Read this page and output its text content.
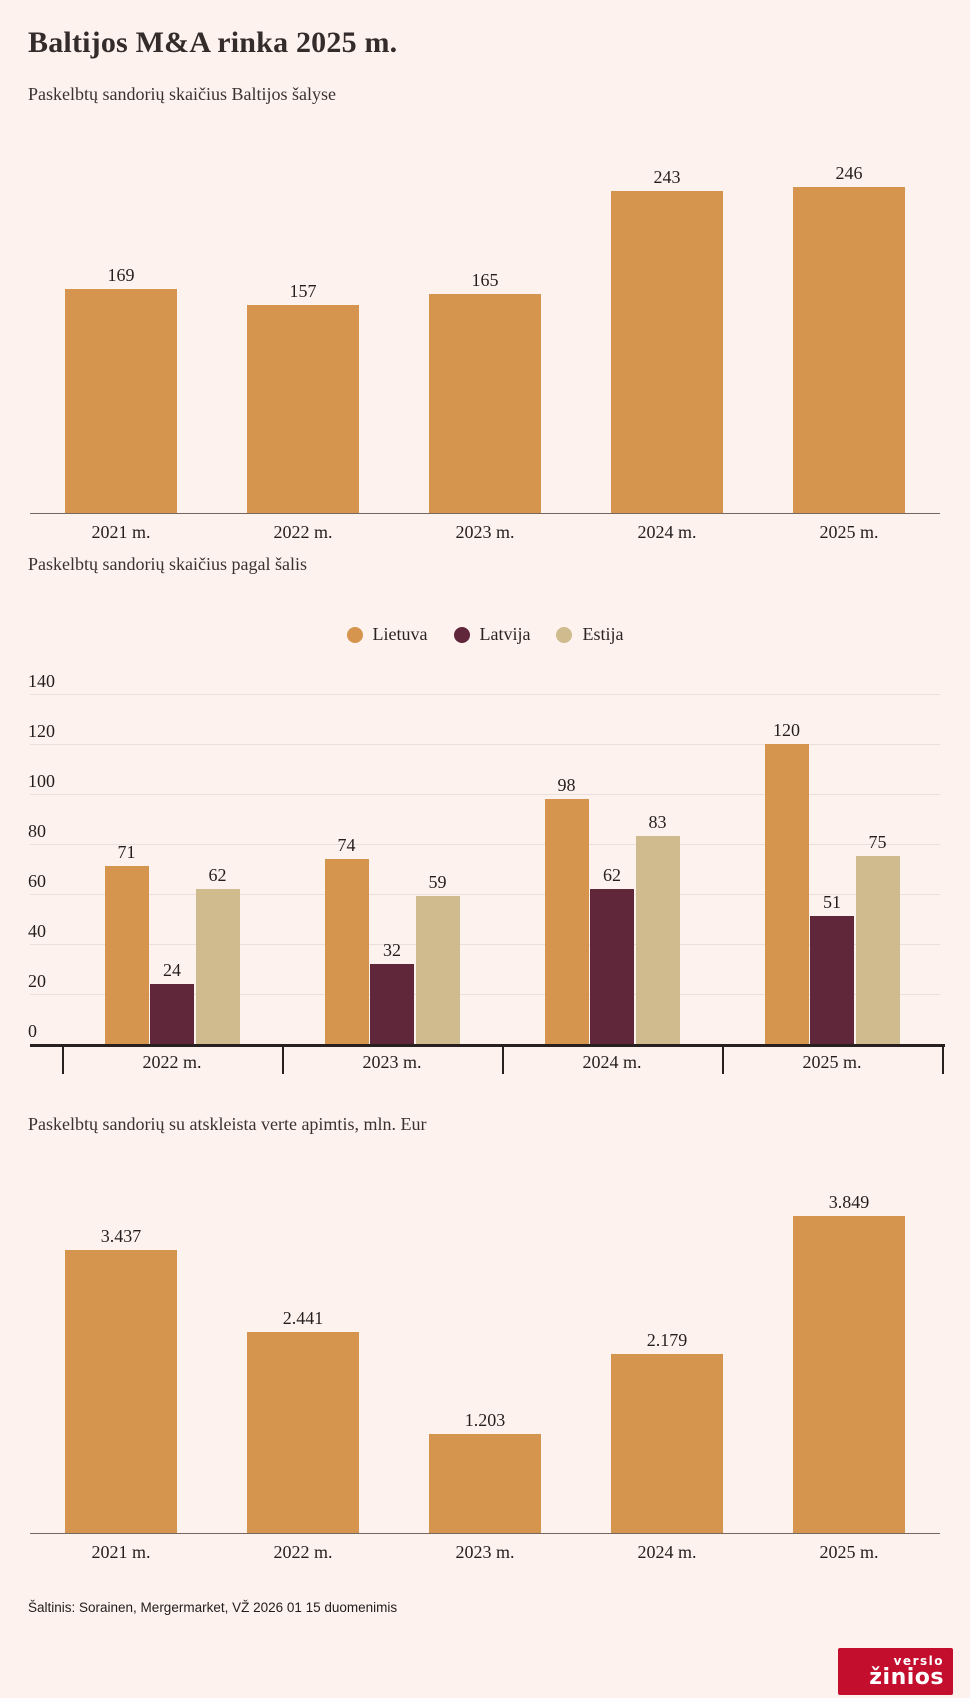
Baltijos M&A rinka 2025 m.
Paskelbtų sandorių skaičius Baltijos šalyse
169
2021 m.
157
2022 m.
165
2023 m.
243
2024 m.
246
2025 m.
Paskelbtų sandorių skaičius pagal šalis
Lietuva	Latvija	Estija
140
120
100
80
60
40
20
0
71
24
62
2022 m.
74
32
59
2023 m.
98
62
83
2024 m.
120
51
75
2025 m.
Paskelbtų sandorių su atskleista verte apimtis, mln. Eur
3.437
2021 m.
2.441
2022 m.
1.203
2023 m.
2.179
2024 m.
3.849
2025 m.
Šaltinis: Sorainen, Mergermarket, VŽ 2026 01 15 duomenimis
verslo
žinios
